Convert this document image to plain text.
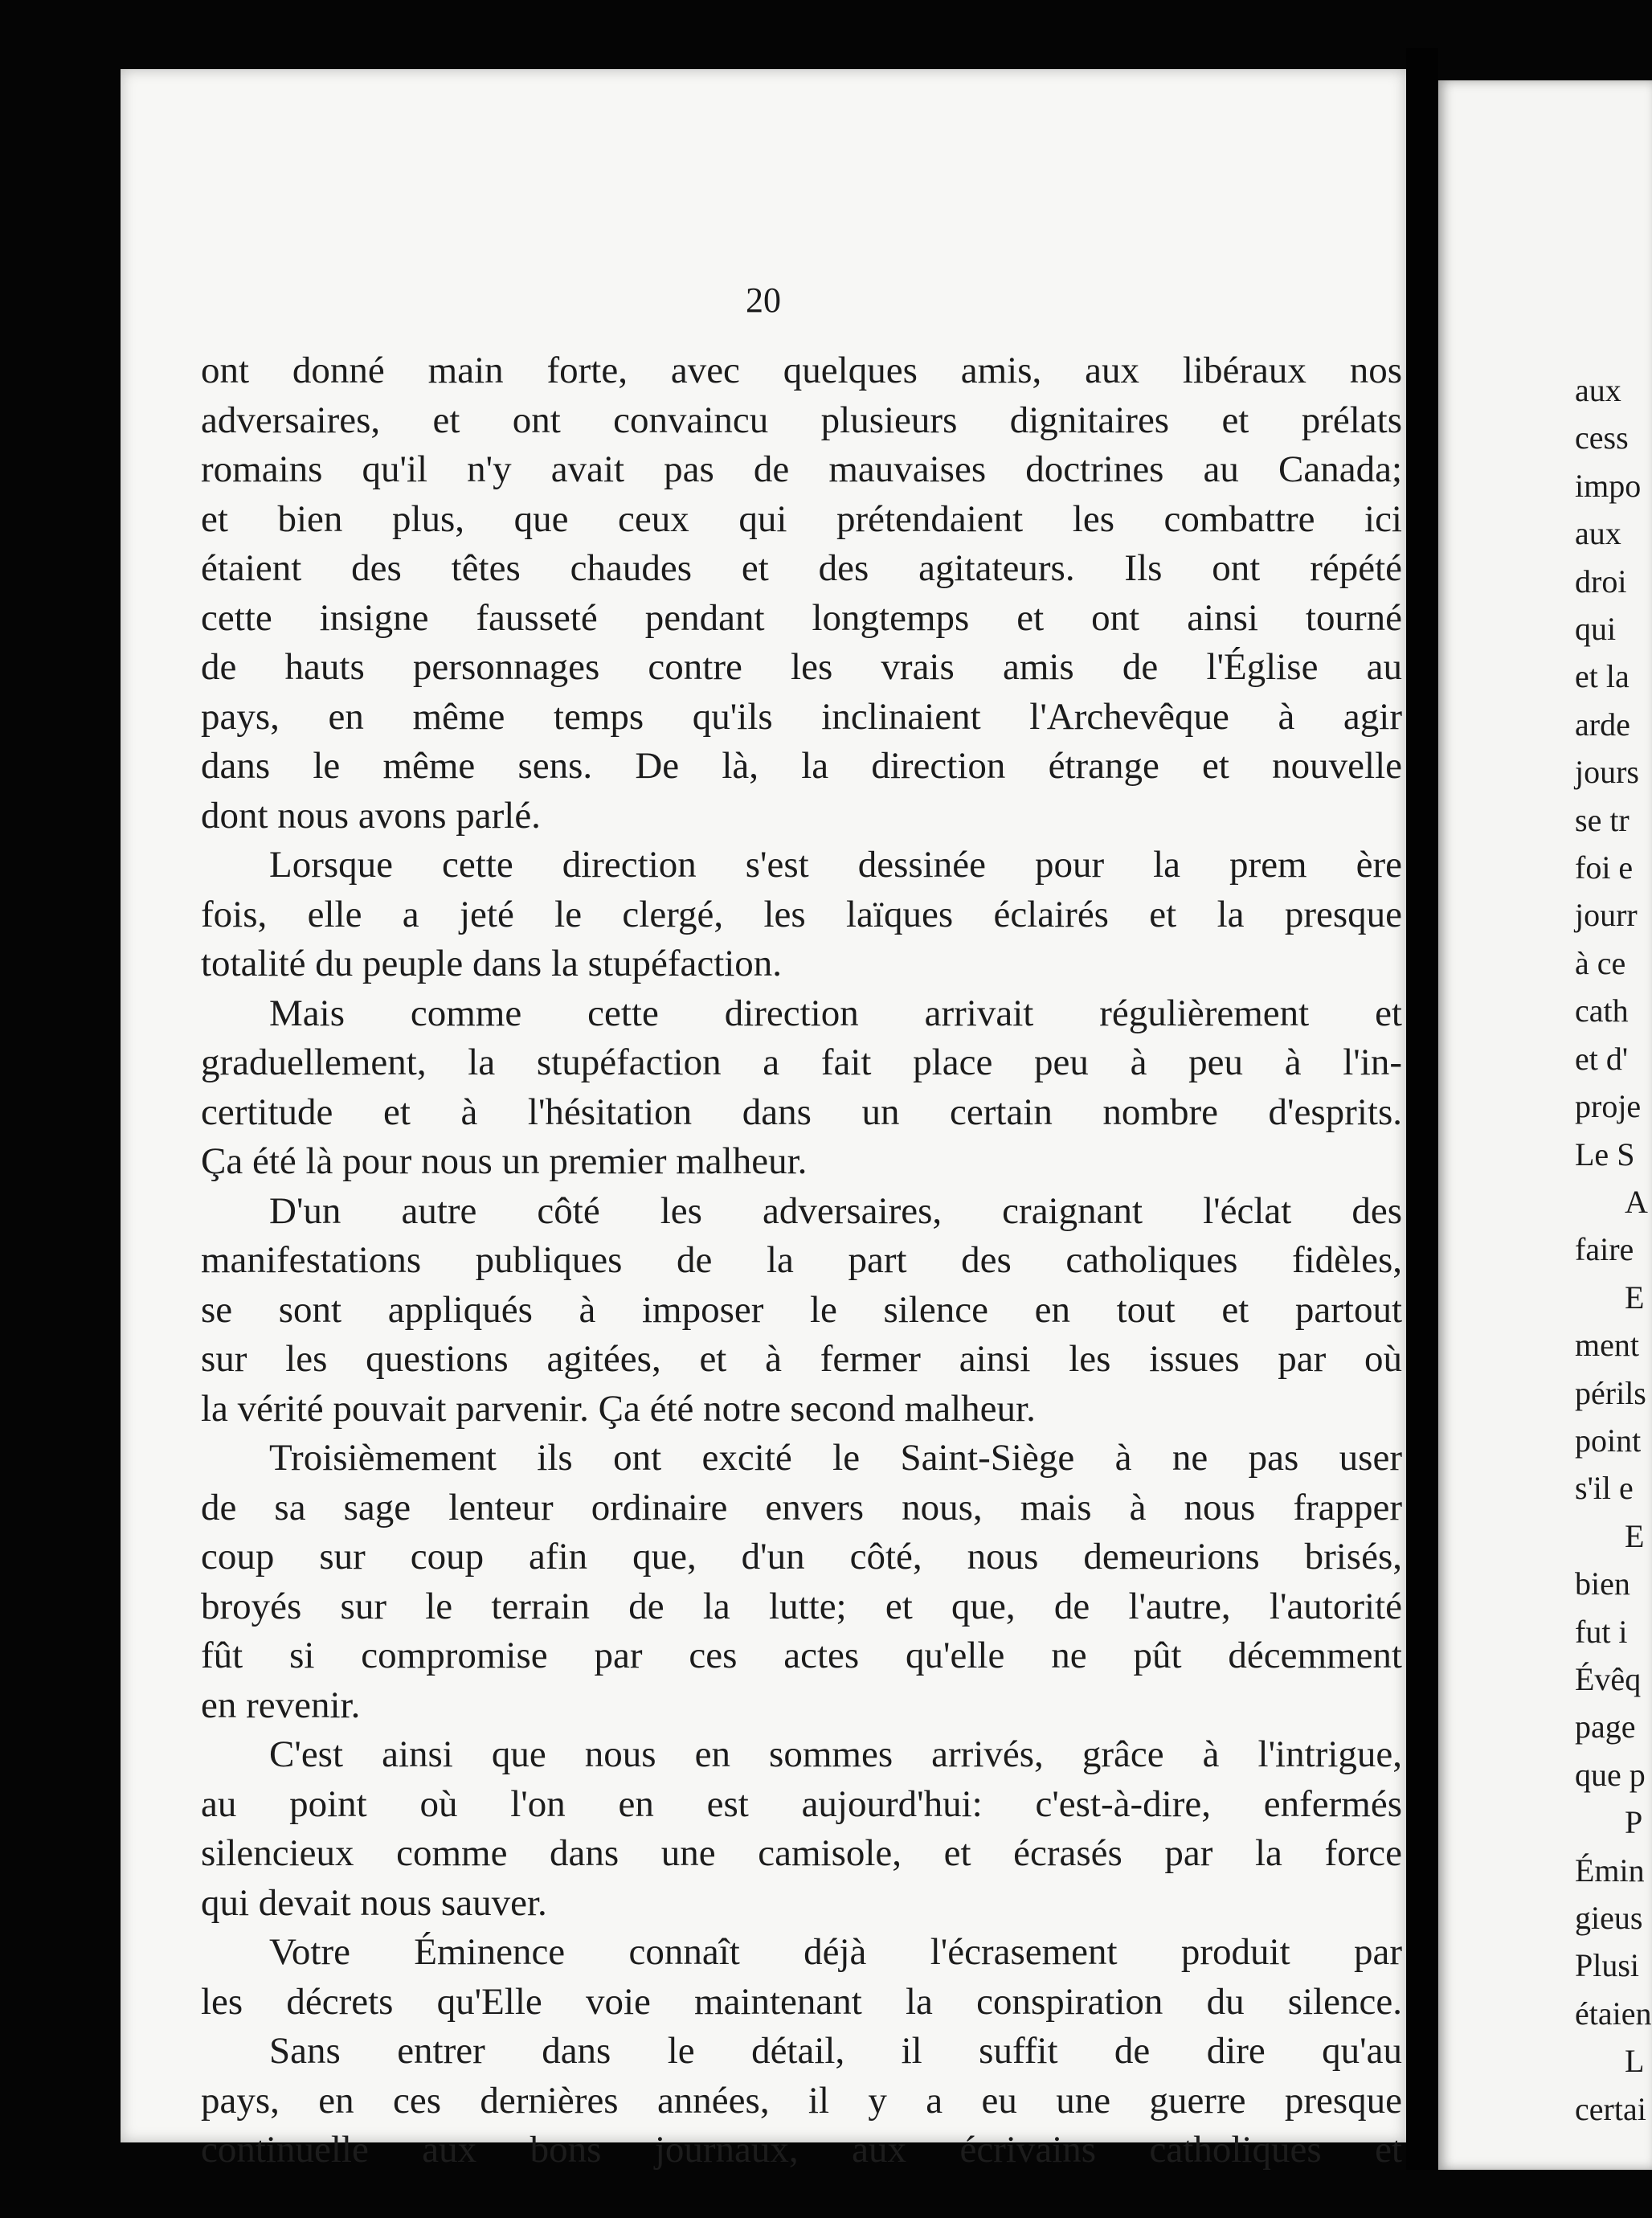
20
ont donné main forte, avec quelques amis, aux libéraux nos
adversaires, et ont convaincu plusieurs dignitaires et prélats
romains qu'il n'y avait pas de mauvaises doctrines au Canada;
et bien plus, que ceux qui prétendaient les combattre ici
étaient des têtes chaudes et des agitateurs. Ils ont répété
cette insigne fausseté pendant longtemps et ont ainsi tourné
de hauts personnages contre les vrais amis de l'Église au
pays, en même temps qu'ils inclinaient l'Archevêque à agir
dans le même sens. De là, la direction étrange et nouvelle
dont nous avons parlé.
Lorsque cette direction s'est dessinée pour la prem ère
fois, elle a jeté le clergé, les laïques éclairés et la presque
totalité du peuple dans la stupéfaction.
Mais comme cette direction arrivait régulièrement et
graduellement, la stupéfaction a fait place peu à peu à l'in-
certitude et à l'hésitation dans un certain nombre d'esprits.
Ça été là pour nous un premier malheur.
D'un autre côté les adversaires, craignant l'éclat des
manifestations publiques de la part des catholiques fidèles,
se sont appliqués à imposer le silence en tout et partout
sur les questions agitées, et à fermer ainsi les issues par où
la vérité pouvait parvenir. Ça été notre second malheur.
Troisièmement ils ont excité le Saint-Siège à ne pas user
de sa sage lenteur ordinaire envers nous, mais à nous frapper
coup sur coup afin que, d'un côté, nous demeurions brisés,
broyés sur le terrain de la lutte; et que, de l'autre, l'autorité
fût si compromise par ces actes qu'elle ne pût décemment
en revenir.
C'est ainsi que nous en sommes arrivés, grâce à l'intrigue,
au point où l'on en est aujourd'hui: c'est-à-dire, enfermés
silencieux comme dans une camisole, et écrasés par la force
qui devait nous sauver.
Votre Éminence connaît déjà l'écrasement produit par
les décrets qu'Elle voie maintenant la conspiration du silence.
Sans entrer dans le détail, il suffit de dire qu'au
pays, en ces dernières années, il y a eu une guerre presque
continuelle aux bons journaux, aux écrivains catholiques et
aux
cess
impo
aux
droi
qui
et la
arde
jours
se tr
foi e
jourr
à ce
cath
et d'
proje
Le S
A
faire
E
ment
périls
point
s'il e
E
bien
fut i
Évêq
page
que p
P
Émin
gieus
Plusi
étaien
L
certai
